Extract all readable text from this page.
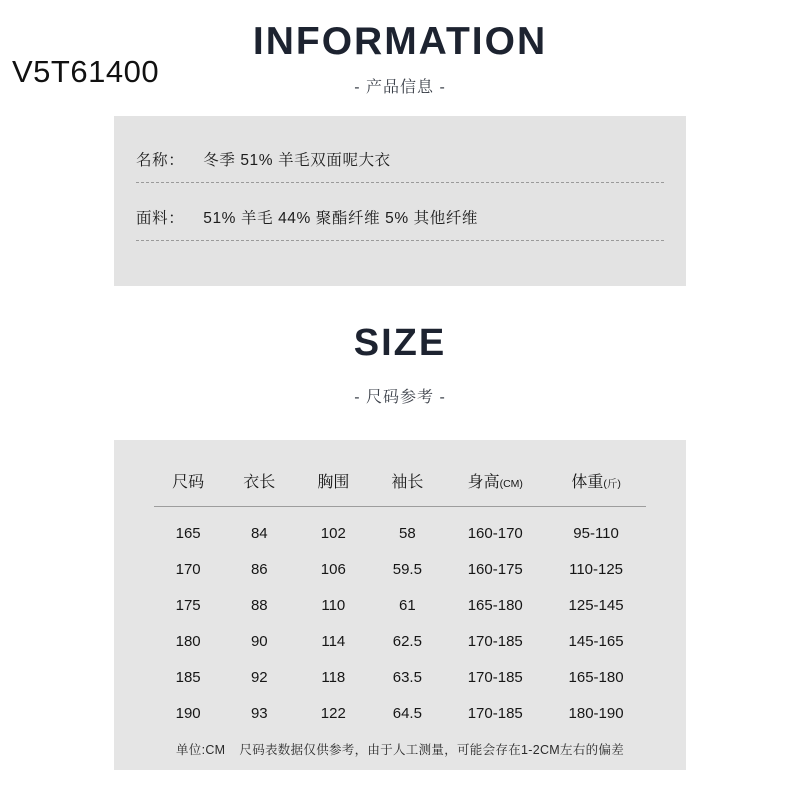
V5T61400
INFORMATION
- 产品信息 -
名称： 冬季 51% 羊毛双面呢大衣
面料： 51% 羊毛 44% 聚酯纤维 5% 其他纤维
SIZE
- 尺码参考 -
尺码	衣长	胸围	袖长	身高(CM)	体重(斤)
165	84	102	58	160-170	95-110
170	86	106	59.5	160-175	110-125
175	88	110	61	165-180	125-145
180	90	114	62.5	170-185	145-165
185	92	118	63.5	170-185	165-180
190	93	122	64.5	170-185	180-190
单位:CM 尺码表数据仅供参考，由于人工测量，可能会存在1-2CM左右的偏差
